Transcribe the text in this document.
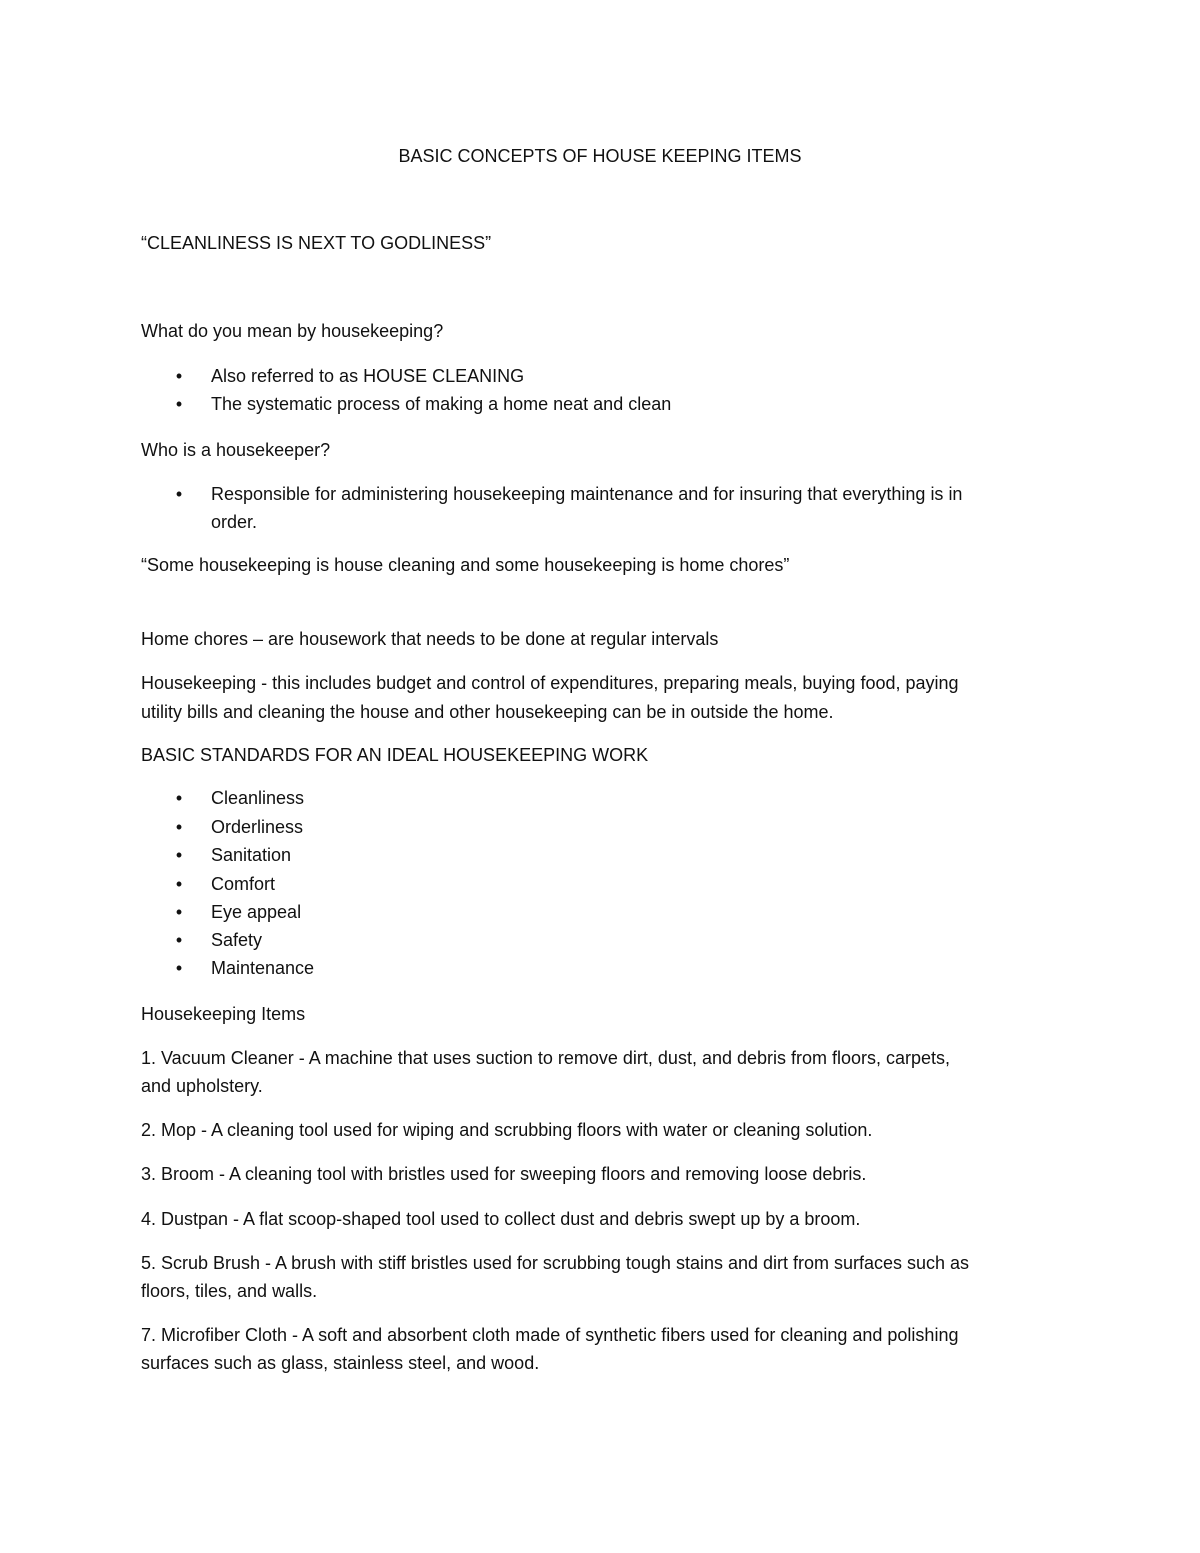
BASIC CONCEPTS OF HOUSE KEEPING ITEMS

“CLEANLINESS IS NEXT TO GODLINESS”

What do you mean by housekeeping?

• Also referred to as HOUSE CLEANING
• The systematic process of making a home neat and clean

Who is a housekeeper?

• Responsible for administering housekeeping maintenance and for insuring that everything is in
order.

“Some housekeeping is house cleaning and some housekeeping is home chores”

Home chores – are housework that needs to be done at regular intervals

Housekeeping - this includes budget and control of expenditures, preparing meals, buying food, paying

utility bills and cleaning the house and other housekeeping can be in outside the home.

BASIC STANDARDS FOR AN IDEAL HOUSEKEEPING WORK

• Cleanliness
• Orderliness
• Sanitation
• Comfort
• Eye appeal
• Safety
• Maintenance

Housekeeping Items

1. Vacuum Cleaner - A machine that uses suction to remove dirt, dust, and debris from floors, carpets,

and upholstery.

2. Mop - A cleaning tool used for wiping and scrubbing floors with water or cleaning solution.

3. Broom - A cleaning tool with bristles used for sweeping floors and removing loose debris.

4. Dustpan - A flat scoop-shaped tool used to collect dust and debris swept up by a broom.

5. Scrub Brush - A brush with stiff bristles used for scrubbing tough stains and dirt from surfaces such as

floors, tiles, and walls.

7. Microfiber Cloth - A soft and absorbent cloth made of synthetic fibers used for cleaning and polishing

surfaces such as glass, stainless steel, and wood.
